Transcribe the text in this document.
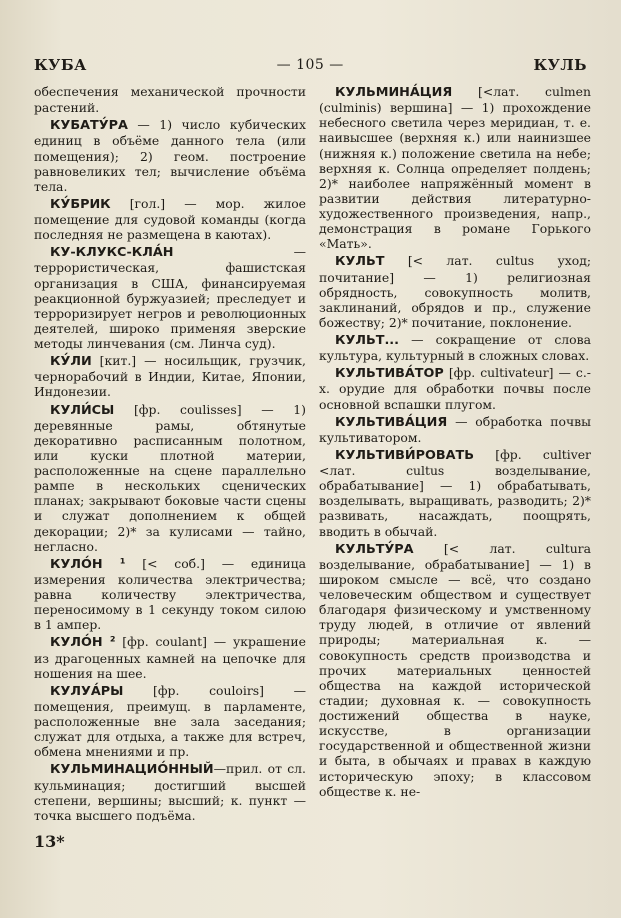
КУБА	— 105 —	КУЛЬ

обеспечения механической прочности растений.

КУБАТУ́РА — 1) число кубических единиц в объёме данного тела (или помещения); 2) геом. построение равновеликих тел; вычисление объёма тела.

КУ́БРИК [гол.] — мор. жилое помещение для судовой команды (когда последняя не размещена в каютах).

КУ-КЛУКС-КЛА́Н — террористическая, фашистская организация в США, финансируемая реакционной буржуазией; преследует и терроризирует негров и революционных деятелей, широко применяя зверские методы линчевания (см. Линча суд).

КУ́ЛИ [кит.] — носильщик, грузчик, чернорабочий в Индии, Китае, Японии, Индонезии.

КУЛИ́СЫ [фр. coulisses] — 1) деревянные рамы, обтянутые декоративно расписанным полотном, или куски плотной материи, расположенные на сцене параллельно рампе в нескольких сценических планах; закрывают боковые части сцены и служат дополнением к общей декорации; 2)* за кулисами — тайно, негласно.

КУЛО́Н ¹ [< соб.] — единица измерения количества электричества; равна количеству электричества, переносимому в 1 секунду током силою в 1 ампер.

КУЛО́Н ² [фр. coulant] — украшение из драгоценных камней на цепочке для ношения на шее.

КУЛУА́РЫ [фр. couloirs] — помещения, преимущ. в парламенте, расположенные вне зала заседания; служат для отдыха, а также для встреч, обмена мнениями и пр.

КУЛЬМИНАЦИО́ННЫЙ—прил. от сл. кульминация; достигший высшей степени, вершины; высший; к. пункт — точка высшего подъёма.

КУЛЬМИНА́ЦИЯ [<лат. culmen (culminis) вершина] — 1) прохождение небесного светила через меридиан, т. е. наивысшее (верхняя к.) или наинизшее (нижняя к.) положение светила на небе; верхняя к. Солнца определяет полдень; 2)* наиболее напряжённый момент в развитии действия литературно-художественного произведения, напр., демонстрация в романе Горького «Мать».

КУЛЬТ [< лат. cultus уход; почитание] — 1) религиозная обрядность, совокупность молитв, заклинаний, обрядов и пр., служение божеству; 2)* почитание, поклонение.

КУЛЬТ... — сокращение от слова культура, культурный в сложных словах.

КУЛЬТИВА́ТОР [фр. cultivateur] — с.-х. орудие для обработки почвы после основной вспашки плугом.

КУЛЬТИВА́ЦИЯ — обработка почвы культиватором.

КУЛЬТИВИ́РОВАТЬ [фр. cultiver <лат. cultus возделывание, обрабатывание] — 1) обрабатывать, возделывать, выращивать, разводить; 2)* развивать, насаждать, поощрять, вводить в обычай.

КУЛЬТУ́РА [< лат. cultura возделывание, обрабатывание] — 1) в широком смысле — всё, что создано человеческим обществом и существует благодаря физическому и умственному труду людей, в отличие от явлений природы; материальная к. — совокупность средств производства и прочих материальных ценностей общества на каждой исторической стадии; духовная к. — совокупность достижений общества в науке, искусстве, в организации государственной и общественной жизни и быта, в обычаях и правах в каждую историческую эпоху; в классовом обществе к. не-

13*
